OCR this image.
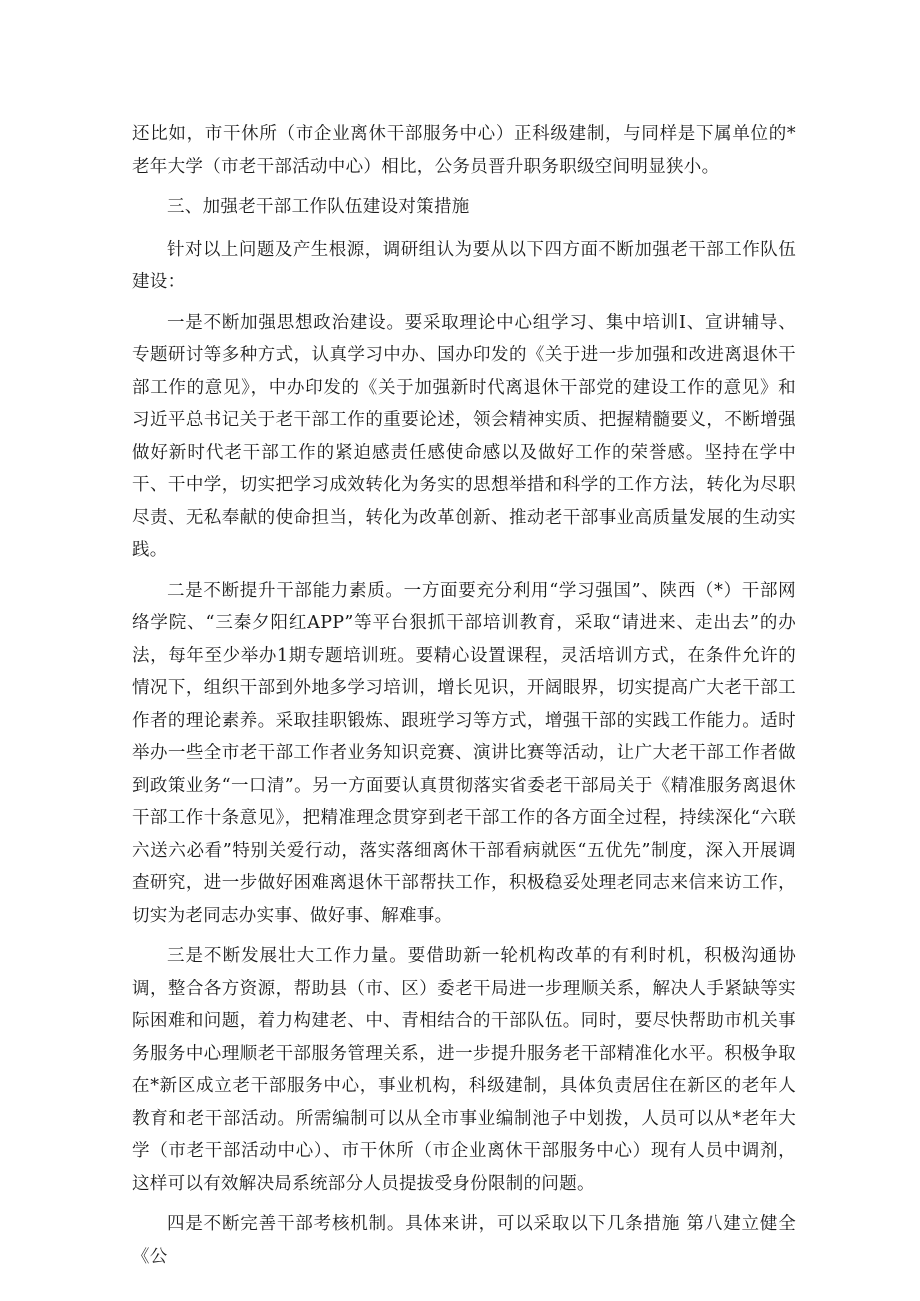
还比如，市干休所（市企业离休干部服务中心）正科级建制，与同样是下属单位的*老年大学（市老干部活动中心）相比，公务员晋升职务职级空间明显狭小。

三、加强老干部工作队伍建设对策措施

针对以上问题及产生根源，调研组认为要从以下四方面不断加强老干部工作队伍建设：

一是不断加强思想政治建设。要采取理论中心组学习、集中培训I、宣讲辅导、专题研讨等多种方式，认真学习中办、国办印发的《关于进一步加强和改进离退休干部工作的意见》，中办印发的《关于加强新时代离退休干部党的建设工作的意见》和习近平总书记关于老干部工作的重要论述，领会精神实质、把握精髓要义，不断增强做好新时代老干部工作的紧迫感责任感使命感以及做好工作的荣誉感。坚持在学中干、干中学，切实把学习成效转化为务实的思想举措和科学的工作方法，转化为尽职尽责、无私奉献的使命担当，转化为改革创新、推动老干部事业高质量发展的生动实践。

二是不断提升干部能力素质。一方面要充分利用“学习强国”、陕西（*）干部网络学院、“三秦夕阳红APP”等平台狠抓干部培训教育，采取“请进来、走出去”的办法，每年至少举办1期专题培训班。要精心设置课程，灵活培训方式，在条件允许的情况下，组织干部到外地多学习培训，增长见识，开阔眼界，切实提高广大老干部工作者的理论素养。采取挂职锻炼、跟班学习等方式，增强干部的实践工作能力。适时举办一些全市老干部工作者业务知识竞赛、演讲比赛等活动，让广大老干部工作者做到政策业务“一口清”。另一方面要认真贯彻落实省委老干部局关于《精准服务离退休干部工作十条意见》，把精准理念贯穿到老干部工作的各方面全过程，持续深化“六联六送六必看”特别关爱行动，落实落细离休干部看病就医“五优先”制度，深入开展调查研究，进一步做好困难离退休干部帮扶工作，积极稳妥处理老同志来信来访工作，切实为老同志办实事、做好事、解难事。

三是不断发展壮大工作力量。要借助新一轮机构改革的有利时机，积极沟通协调，整合各方资源，帮助县（市、区）委老干局进一步理顺关系，解决人手紧缺等实际困难和问题，着力构建老、中、青相结合的干部队伍。同时，要尽快帮助市机关事务服务中心理顺老干部服务管理关系，进一步提升服务老干部精准化水平。积极争取在*新区成立老干部服务中心，事业机构，科级建制，具体负责居住在新区的老年人教育和老干部活动。所需编制可以从全市事业编制池子中划拨，人员可以从*老年大学（市老干部活动中心）、市干休所（市企业离休干部服务中心）现有人员中调剂，这样可以有效解决局系统部分人员提拔受身份限制的问题。

四是不断完善干部考核机制。具体来讲，可以采取以下几条措施 第八建立健全《公
